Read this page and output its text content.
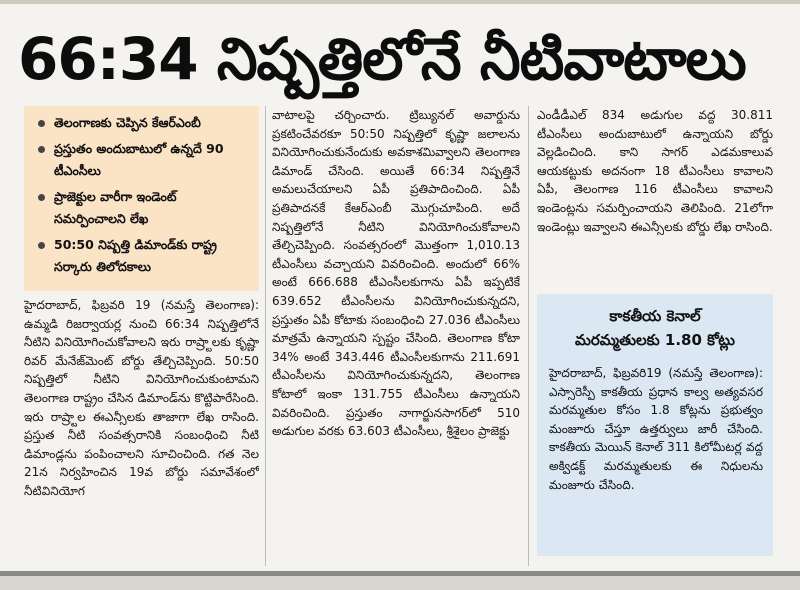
66:34 నిష్పత్తిలోనే నీటివాటాలు
తెలంగాణకు చెప్పిన కేఆర్ఎంబీ
ప్రస్తుతం అందుబాటులో ఉన్నదే 90 టీఎంసీలు
ప్రాజెక్టుల వారీగా ఇండెంట్ సమర్పించాలని లేఖ
50:50 నిష్పత్తి డిమాండ్‌కు రాష్ట్ర సర్కారు తిలోదకాలు

హైదరాబాద్, ఫిబ్రవరి 19 (నమస్తే తెలంగాణ): ఉమ్మడి రిజర్వాయర్ల నుంచి 66:34 నిష్పత్తిలోనే నీటిని వినియోగించుకోవాలని ఇరు రాష్ర్టాలకు కృష్ణా రివర్ మేనేజ్‌మెంట్ బోర్డు తేల్చిచెప్పింది. 50:50 నిష్పత్తిలో నీటిని వినియోగించుకుంటామని తెలంగాణ రాష్ట్రం చేసిన డిమాండ్‌ను కొట్టిపారేసింది. ఇరు రాష్ర్టాల ఈఎన్సీలకు తాజాగా లేఖ రాసింది. ప్రస్తుత నీటి సంవత్సరానికి సంబంధించి నీటి డిమాండ్లను పంపించాలని సూచించింది. గత నెల 21న నిర్వహించిన 19వ బోర్డు సమావేశంలో నీటివినియోగ

వాటాలపై చర్చించారు. ట్రిబ్యునల్ అవార్డును ప్రకటించేవరకూ 50:50 నిష్పత్తిలో కృష్ణా జలాలను వినియోగించుకునేందుకు అవకాశమివ్వాలని తెలంగాణ డిమాండ్ చేసింది. అయితే 66:34 నిష్పత్తినే అమలుచేయాలని ఏపీ ప్రతిపాదించింది. ఏపీ ప్రతిపాదనకే కేఆర్ఎంబీ మొగ్గుచూపింది. అదే నిష్పత్తిలోనే నీటిని వినియోగించుకోవాలని తేల్చిచెప్పింది. సంవత్సరంలో మొత్తంగా 1,010.13 టీఎంసీలు వచ్చాయని వివరించింది. అందులో 66% అంటే 666.688 టీఎంసీలకుగాను ఏపీ ఇప్పటికే 639.652 టీఎంసీలను వినియోగించుకున్నదని, ప్రస్తుతం ఏపీ కోటాకు సంబంధించి 27.036 టీఎంసీలు మాత్రమే ఉన్నాయని స్పష్టం చేసింది. తెలంగాణ కోటా 34% అంటే 343.446 టీఎంసీలకుగాను 211.691 టీఎంసీలను వినియోగించుకున్నదని, తెలంగాణ కోటాలో ఇంకా 131.755 టీఎంసీలు ఉన్నాయని వివరించింది. ప్రస్తుతం నాగార్జునసాగర్‌లో 510 అడుగుల వరకు 63.603 టీఎంసీలు, శ్రీశైలం ప్రాజెక్టు

ఎండీడీఎల్ 834 అడుగుల వద్ద 30.811 టీఎంసీలు అందుబాటులో ఉన్నాయని బోర్డు వెల్లడించింది. కాని సాగర్ ఎడమకాలువ ఆయకట్టుకు అదనంగా 18 టీఎంసీలు కావాలని ఏపీ, తెలంగాణ 116 టీఎంసీలు కావాలని ఇండెంట్లను సమర్పించాయని తెలిపింది. 21లోగా ఇండెంట్లు ఇవ్వాలని ఈఎన్సీలకు బోర్డు లేఖ రాసింది.

కాకతీయ కెనాల్
మరమ్మతులకు 1.80 కోట్లు
హైదరాబాద్, ఫిబ్రవరి19 (నమస్తే తెలంగాణ): ఎస్సారెస్పీ కాకతీయ ప్రధాన కాల్వ అత్యవసర మరమ్మతుల కోసం 1.8 కోట్లను ప్రభుత్వం మంజూరు చేస్తూ ఉత్తర్వులు జారీ చేసింది. కాకతీయ మెయిన్ కెనాల్ 311 కిలోమీటర్ల వద్ద అక్విడక్ట్ మరమ్మతులకు ఈ నిధులను మంజూరు చేసింది.
